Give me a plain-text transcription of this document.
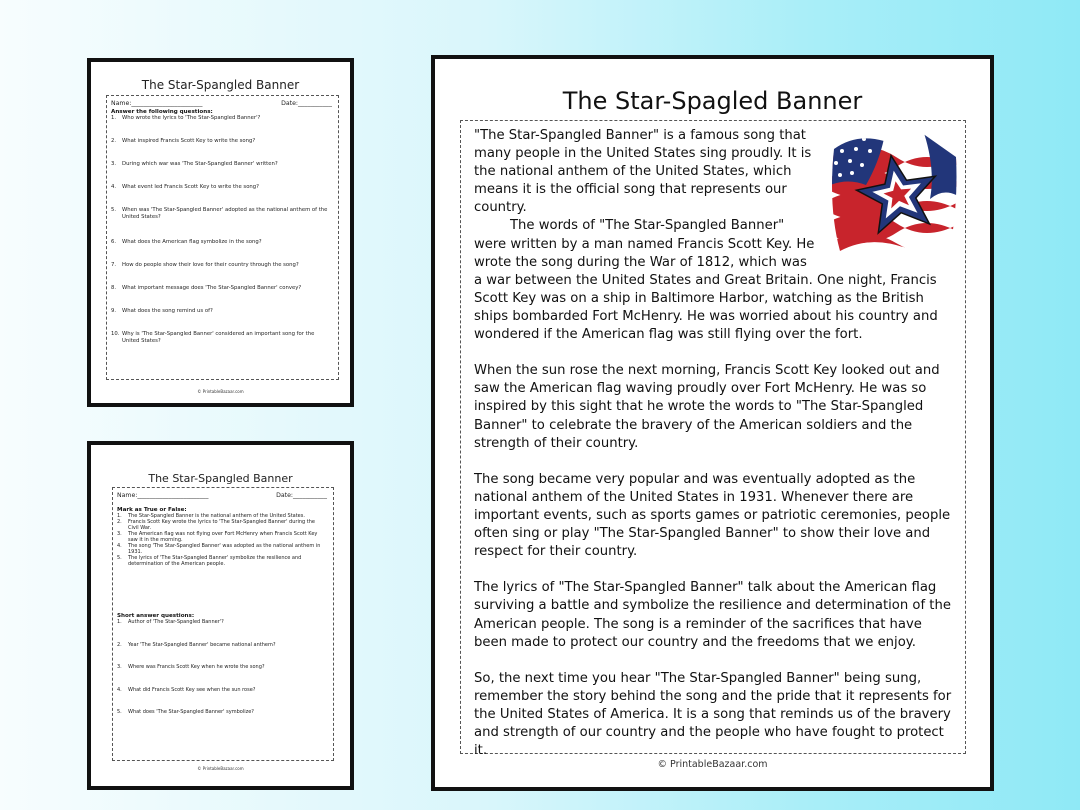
The Star-Spangled Banner
Name:_______________________	Date:___________
Answer the following questions:
1.	Who wrote the lyrics to 'The Star-Spangled Banner'?
2.	What inspired Francis Scott Key to write the song?
3.	During which war was 'The Star-Spangled Banner' written?
4.	What event led Francis Scott Key to write the song?
5.	When was 'The Star-Spangled Banner' adopted as the national anthem of the United States?
6.	What does the American flag symbolize in the song?
7.	How do people show their love for their country through the song?
8.	What important message does 'The Star-Spangled Banner' convey?
9.	What does the song remind us of?
10. Why is 'The Star-Spangled Banner' considered an important song for the United States?
© PrintableBazaar.com
The Star-Spangled Banner
Name:_______________________	Date:___________
Mark as True or False:
1.	The Star-Spangled Banner is the national anthem of the United States.
2.	Francis Scott Key wrote the lyrics to 'The Star-Spangled Banner' during the Civil War.
3.	The American flag was not flying over Fort McHenry when Francis Scott Key saw it in the morning.
4.	The song 'The Star-Spangled Banner' was adopted as the national anthem in 1931.
5.	The lyrics of 'The Star-Spangled Banner' symbolize the resilience and determination of the American people.
Short answer questions:
1.	Author of 'The Star-Spangled Banner'?
2.	Year 'The Star-Spangled Banner' became national anthem?
3.	Where was Francis Scott Key when he wrote the song?
4.	What did Francis Scott Key see when the sun rose?
5.	What does 'The Star-Spangled Banner' symbolize?
© PrintableBazaar.com
The Star-Spagled Banner

"The Star-Spangled Banner" is a famous song that many people in the United States sing proudly. It is the national anthem of the United States, which means it is the official song that represents our country.

The words of "The Star-Spangled Banner" were written by a man named Francis Scott Key. He wrote the song during the War of 1812, which was a war between the United States and Great Britain. One night, Francis Scott Key was on a ship in Baltimore Harbor, watching as the British ships bombarded Fort McHenry. He was worried about his country and wondered if the American flag was still flying over the fort.

When the sun rose the next morning, Francis Scott Key looked out and saw the American flag waving proudly over Fort McHenry. He was so inspired by this sight that he wrote the words to "The Star-Spangled Banner" to celebrate the bravery of the American soldiers and the strength of their country.

The song became very popular and was eventually adopted as the national anthem of the United States in 1931. Whenever there are important events, such as sports games or patriotic ceremonies, people often sing or play "The Star-Spangled Banner" to show their love and respect for their country.

The lyrics of "The Star-Spangled Banner" talk about the American flag surviving a battle and symbolize the resilience and determination of the American people. The song is a reminder of the sacrifices that have been made to protect our country and the freedoms that we enjoy.

So, the next time you hear "The Star-Spangled Banner" being sung, remember the story behind the song and the pride that it represents for the United States of America. It is a song that reminds us of the bravery and strength of our country and the people who have fought to protect it.

© PrintableBazaar.com
